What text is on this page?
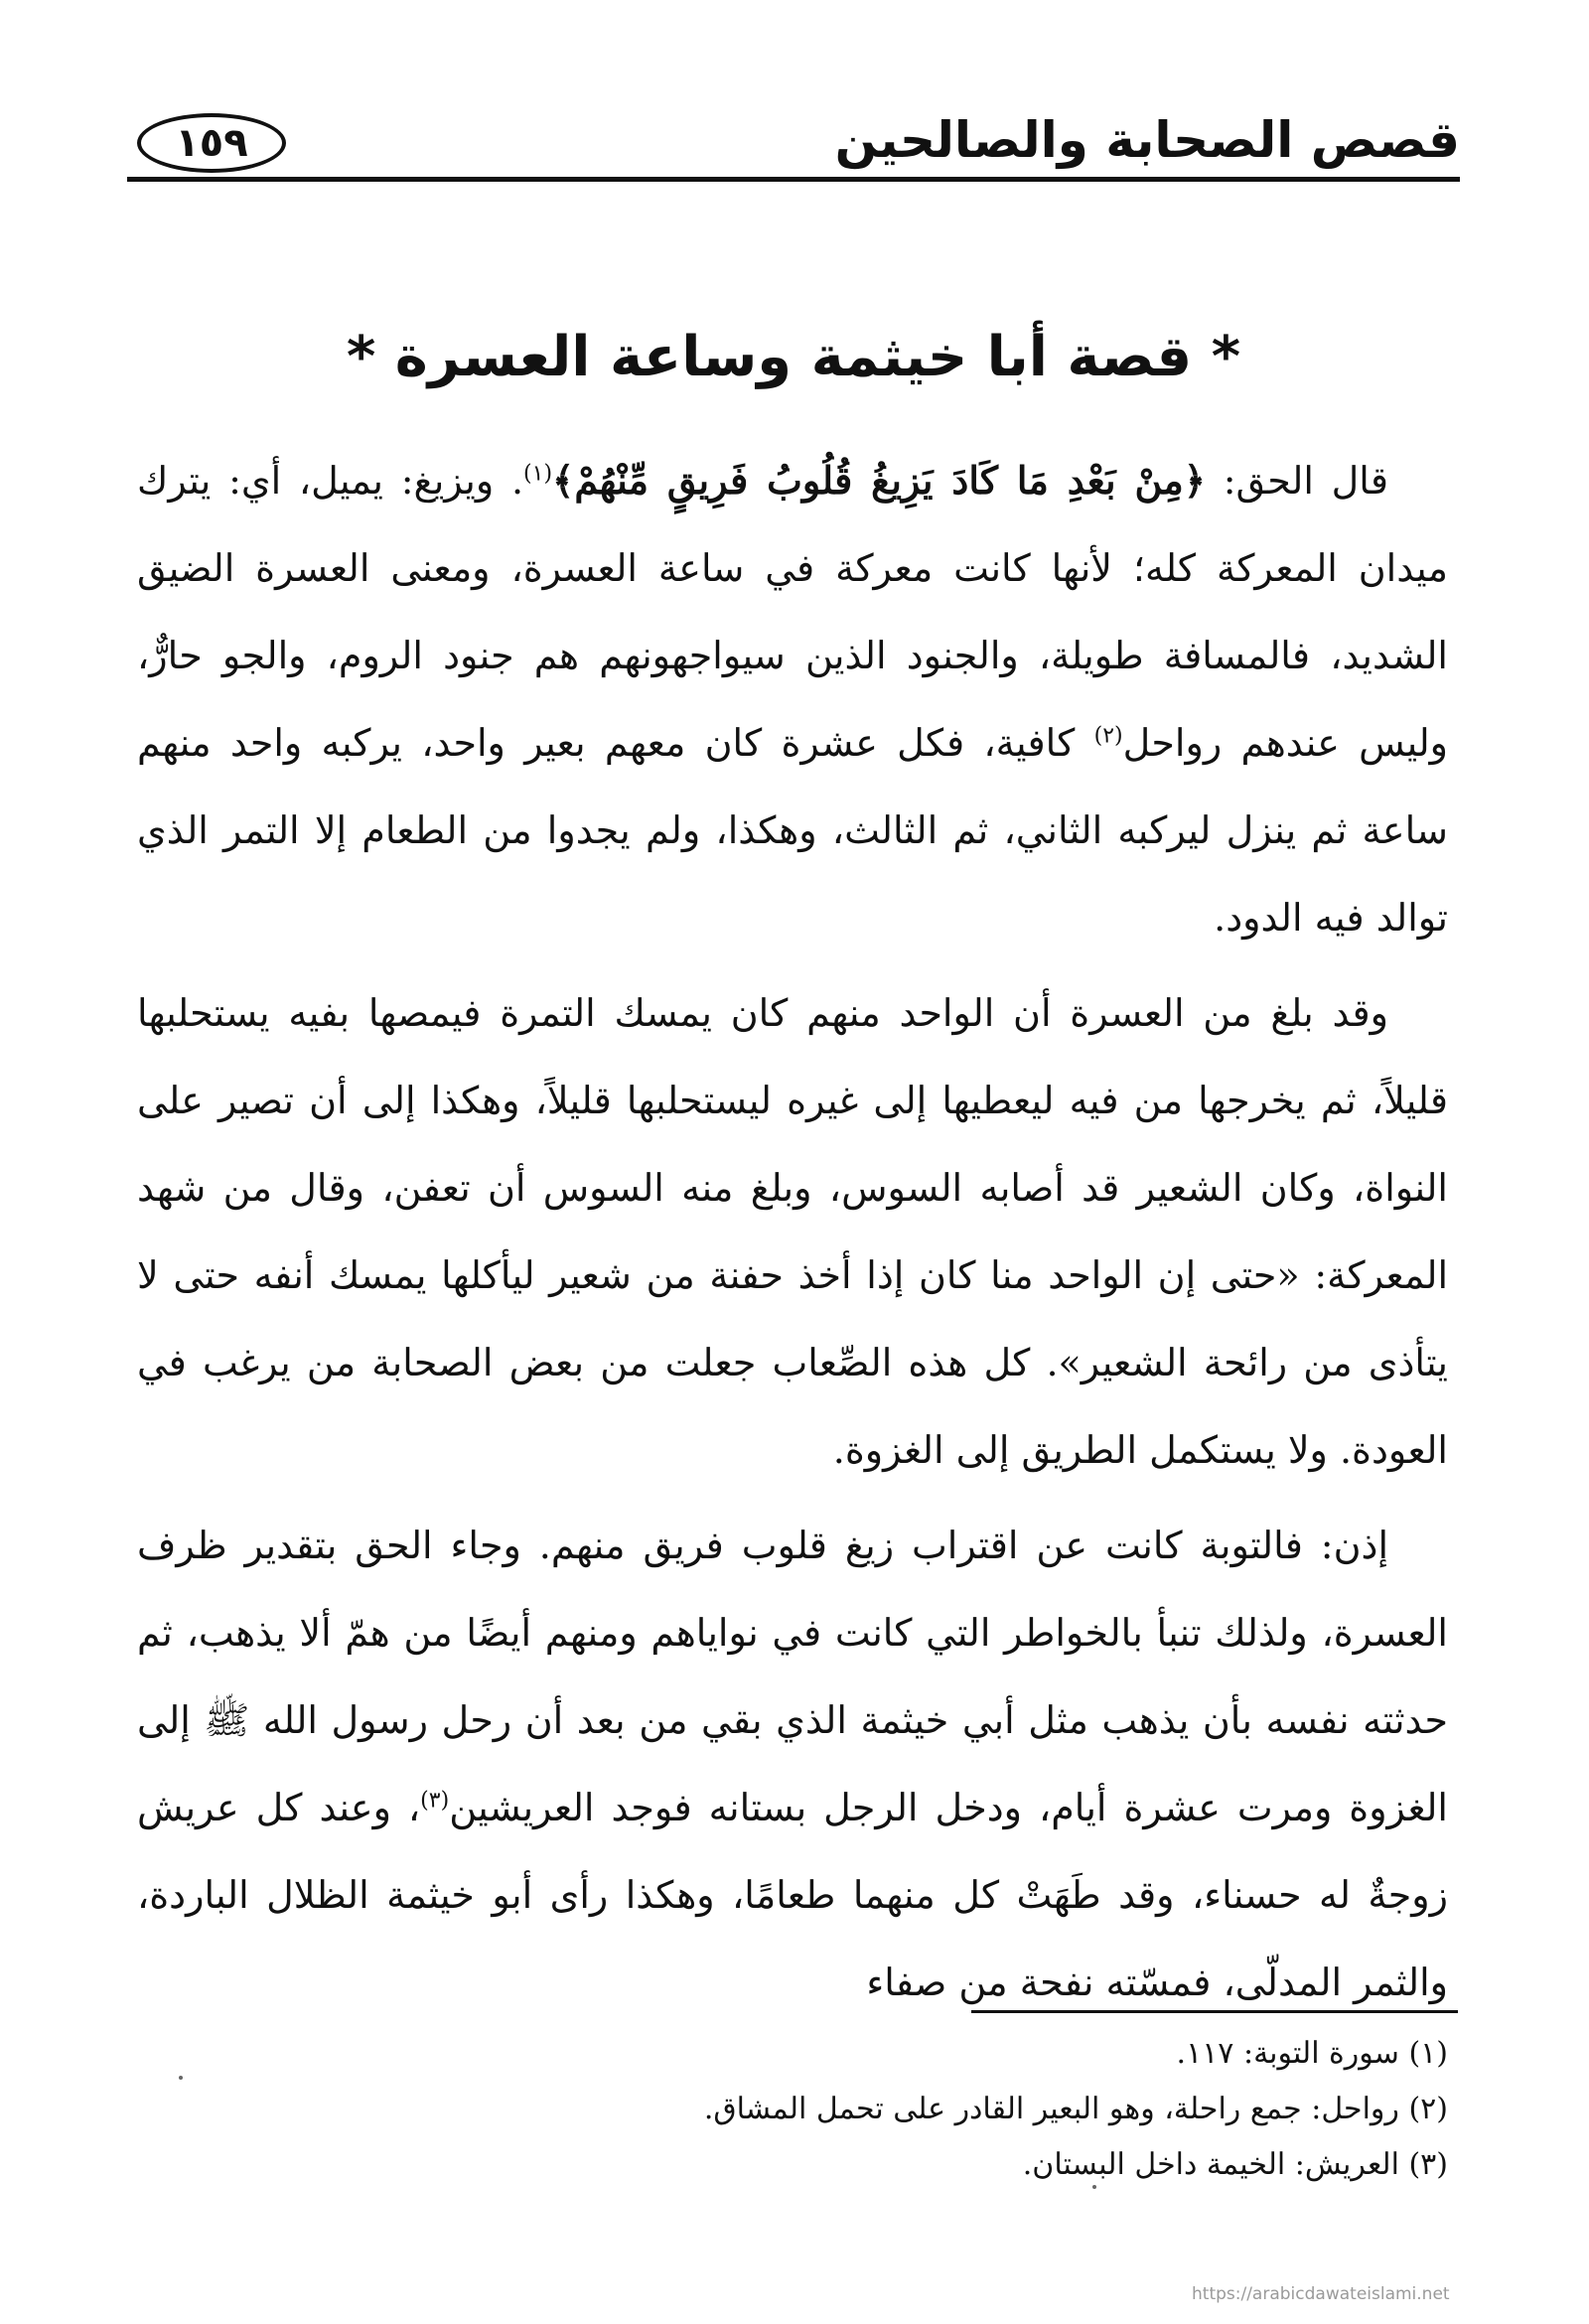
قصص الصحابة والصالحين
١٥٩
* قصة أبا خيثمة وساعة العسرة *

قال الحق: ﴿مِنْ بَعْدِ مَا كَادَ يَزِيغُ قُلُوبُ فَرِيقٍ مِّنْهُمْ﴾$^{(١)}$. ويزيغ: يميل، أي: يترك ميدان المعركة كله؛ لأنها كانت معركة في ساعة العسرة، ومعنى العسرة الضيق الشديد، فالمسافة طويلة، والجنود الذين سيواجهونهم هم جنود الروم، والجو حارٌّ، وليس عندهم رواحل$^{(٢)}$ كافية، فكل عشرة كان معهم بعير واحد، يركبه واحد منهم ساعة ثم ينزل ليركبه الثاني، ثم الثالث، وهكذا، ولم يجدوا من الطعام إلا التمر الذي توالد فيه الدود.

وقد بلغ من العسرة أن الواحد منهم كان يمسك التمرة فيمصها بفيه يستحلبها قليلاً، ثم يخرجها من فيه ليعطيها إلى غيره ليستحلبها قليلاً، وهكذا إلى أن تصير على النواة، وكان الشعير قد أصابه السوس، وبلغ منه السوس أن تعفن، وقال من شهد المعركة: «حتى إن الواحد منا كان إذا أخذ حفنة من شعير ليأكلها يمسك أنفه حتى لا يتأذى من رائحة الشعير». كل هذه الصِّعاب جعلت من بعض الصحابة من يرغب في العودة. ولا يستكمل الطريق إلى الغزوة.

إذن: فالتوبة كانت عن اقتراب زيغ قلوب فريق منهم. وجاء الحق بتقدير ظرف العسرة، ولذلك تنبأ بالخواطر التي كانت في نواياهم ومنهم أيضًا من همّ ألا يذهب، ثم حدثته نفسه بأن يذهب مثل أبي خيثمة الذي بقي من بعد أن رحل رسول الله ﷺ إلى الغزوة ومرت عشرة أيام، ودخل الرجل بستانه فوجد العريشين$^{(٣)}$، وعند كل عريش زوجةٌ له حسناء، وقد طَهَتْ كل منهما طعامًا، وهكذا رأى أبو خيثمة الظلال الباردة، والثمر المدلّى، فمسّته نفحة من صفاء

(١) سورة التوبة: ١١٧.

(٢) رواحل: جمع راحلة، وهو البعير القادر على تحمل المشاق.

(٣) العريش: الخيمة داخل البستان.

https://arabicdawateislami.net
